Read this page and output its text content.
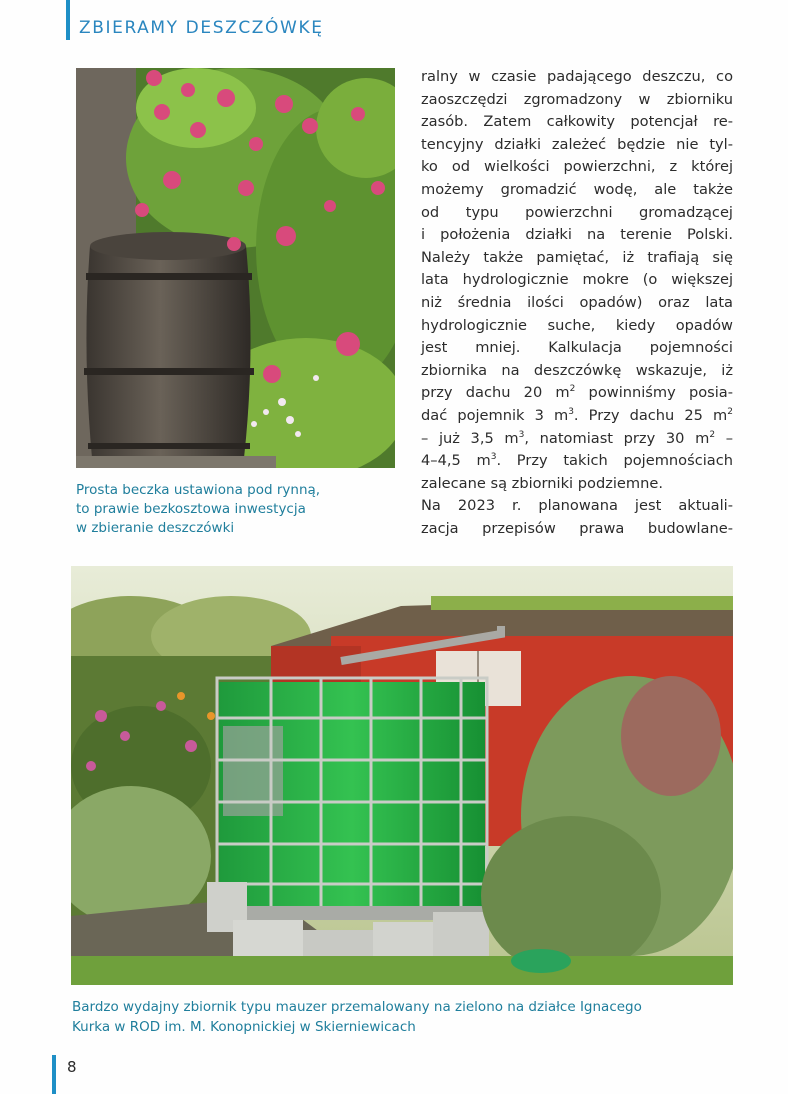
ZBIERAMY DESZCZÓWKĘ
Prosta beczka ustawiona pod rynną,
to prawie bezkosztowa inwestycja
w zbieranie deszczówki
ralny w czasie padającego deszczu, co
zaoszczędzi zgromadzony w zbiorniku
zasób. Zatem całkowity potencjał re-
tencyjny działki zależeć będzie nie tyl-
ko od wielkości powierzchni, z której
możemy gromadzić wodę, ale także
od typu powierzchni gromadzącej
i położenia działki na terenie Polski.
Należy także pamiętać, iż trafiają się
lata hydrologicznie mokre (o większej
niż średnia ilości opadów) oraz lata
hydrologicznie suche, kiedy opadów
jest mniej. Kalkulacja pojemności
zbiornika na deszczówkę wskazuje, iż
przy dachu 20 $m^2$ powinniśmy posia-
dać pojemnik 3 $m^3$. Przy dachu 25 $m^2$
– już 3,5 $m^3$, natomiast przy 30 $m^2$ –
4–4,5 $m^3$. Przy takich pojemnościach
zalecane są zbiorniki podziemne.
Na 2023 r. planowana jest aktuali-
zacja przepisów prawa budowlane-
Bardzo wydajny zbiornik typu mauzer przemalowany na zielono na działce Ignacego
Kurka w ROD im. M. Konopnickiej w Skierniewicach
8
